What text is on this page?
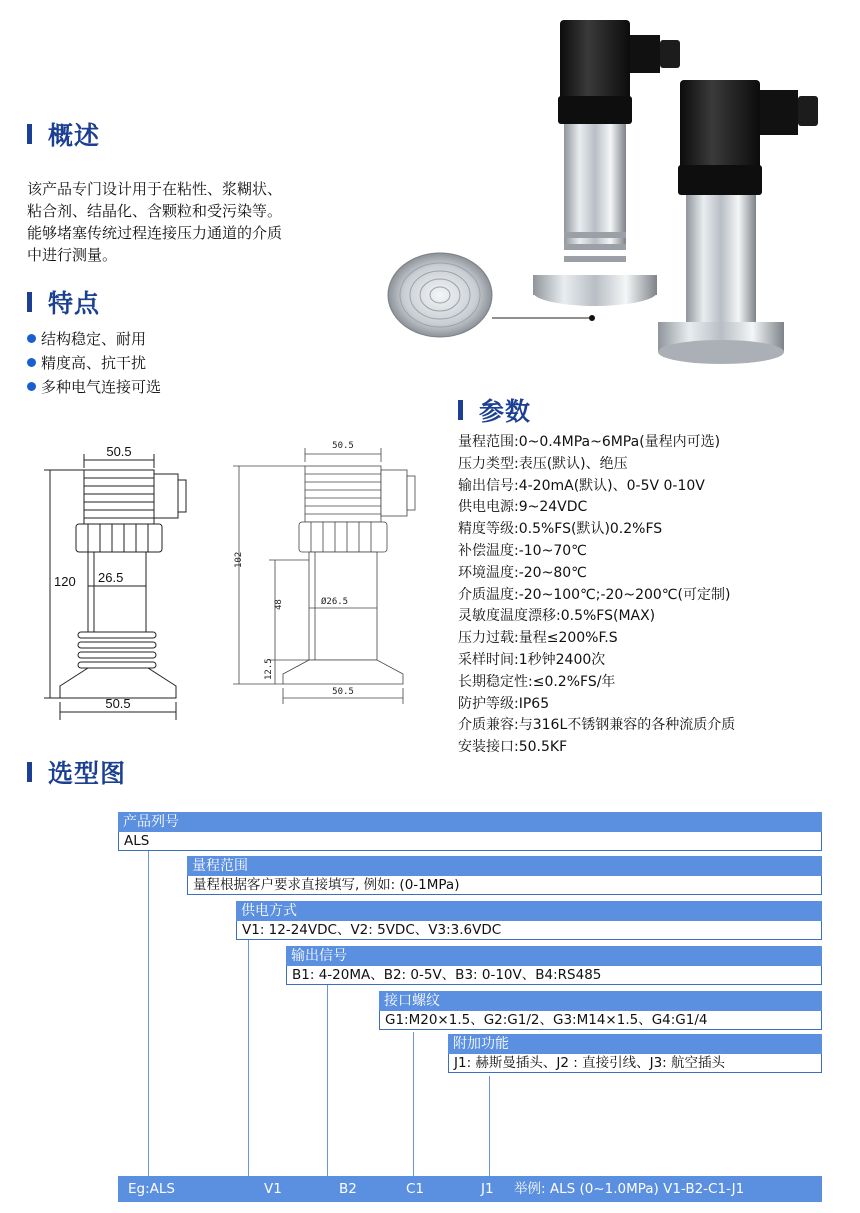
概述
特点
参数
选型图
该产品专门设计用于在粘性、浆糊状、
粘合剂、结晶化、含颗粒和受污染等。
能够堵塞传统过程连接压力通道的介质
中进行测量。
结构稳定、耐用
精度高、抗干扰
多种电气连接可选
50.5
120 26.5
50.5
50.5
102
48	Ø26.5
12.5
50.5
量程范围:0~0.4MPa~6MPa(量程内可选)
压力类型:表压(默认)、绝压
输出信号:4-20mA(默认)、0-5V 0-10V
供电电源:9~24VDC
精度等级:0.5%FS(默认)0.2%FS
补偿温度:-10~70℃
环境温度:-20~80℃
介质温度:-20~100℃;-20~200℃(可定制)
灵敏度温度漂移:0.5%FS(MAX)
压力过载:量程≤200%F.S
采样时间:1秒钟2400次
长期稳定性:≤0.2%FS/年
防护等级:IP65
介质兼容:与316L不锈钢兼容的各种流质介质
安装接口:50.5KF
产品列号
ALS
量程范围
量程根据客户要求直接填写, 例如: (0-1MPa)
供电方式
V1: 12-24VDC、V2: 5VDC、V3:3.6VDC
输出信号
B1: 4-20MA、B2: 0-5V、B3: 0-10V、B4:RS485
接口螺纹
G1:M20×1.5、G2:G1/2、G3:M14×1.5、G4:G1/4
附加功能
J1: 赫斯曼插头、J2 : 直接引线、J3: 航空插头
Eg:ALS	V1	B2	C1	J1 举例: ALS (0~1.0MPa) V1-B2-C1-J1
